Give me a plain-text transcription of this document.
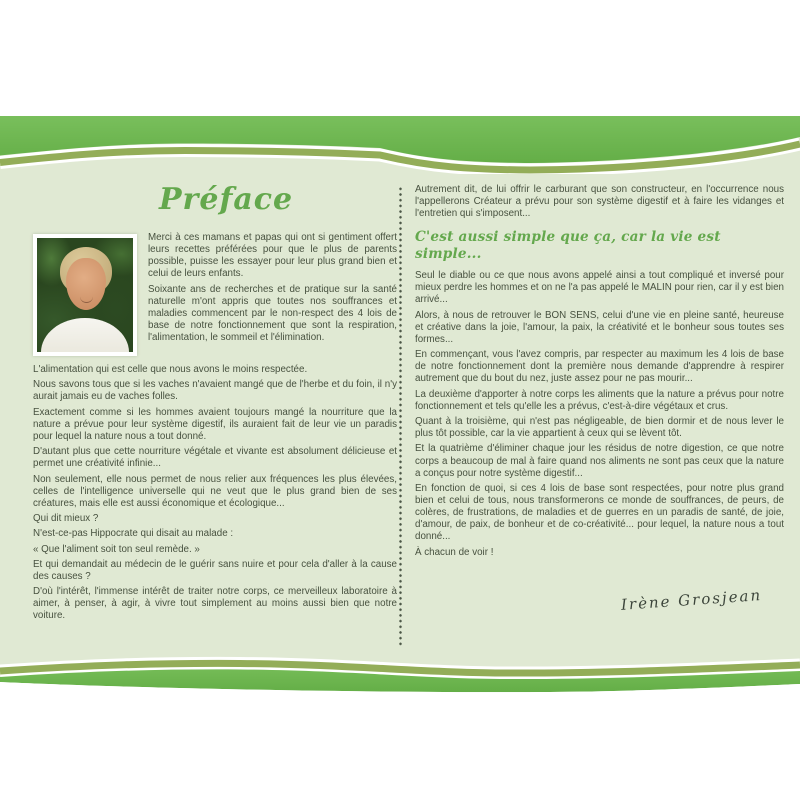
Préface

Merci à ces mamans et papas qui ont si gentiment offert leurs recettes préférées pour que le plus de parents possible, puisse les essayer pour leur plus grand bien et celui de leurs enfants.

Soixante ans de recherches et de pratique sur la santé naturelle m'ont appris que toutes nos souffrances et maladies commencent par le non-respect des 4 lois de base de notre fonctionnement que sont la respiration, l'alimentation, le sommeil et l'élimination.

L'alimentation qui est celle que nous avons le moins respectée.

Nous savons tous que si les vaches n'avaient mangé que de l'herbe et du foin, il n'y aurait jamais eu de vaches folles.

Exactement comme si les hommes avaient toujours mangé la nourriture que la nature a prévue pour leur système digestif, ils auraient fait de leur vie un paradis pour lequel la nature nous a tout donné.

D'autant plus que cette nourriture végétale et vivante est absolument délicieuse et permet une créativité infinie...

Non seulement, elle nous permet de nous relier aux fréquences les plus élevées, celles de l'intelligence universelle qui ne veut que le plus grand bien de ses créatures, mais elle est aussi économique et écologique...

Qui dit mieux ?

N'est-ce-pas Hippocrate qui disait au malade :

« Que l'aliment soit ton seul remède. »

Et qui demandait au médecin de le guérir sans nuire et pour cela d'aller à la cause des causes ?

D'où l'intérêt, l'immense intérêt de traiter notre corps, ce merveilleux laboratoire à aimer, à penser, à agir, à vivre tout simplement au moins aussi bien que notre voiture.

Autrement dit, de lui offrir le carburant que son constructeur, en l'occurrence nous l'appellerons Créateur a prévu pour son système digestif et à faire les vidanges et l'entretien qui s'imposent...

C'est aussi simple que ça, car la vie est simple...

Seul le diable ou ce que nous avons appelé ainsi a tout compliqué et inversé pour mieux perdre les hommes et on ne l'a pas appelé le MALIN pour rien, car il y est bien arrivé...

Alors, à nous de retrouver le BON SENS, celui d'une vie en pleine santé, heureuse et créative dans la joie, l'amour, la paix, la créativité et le bonheur sous toutes ses formes...

En commençant, vous l'avez compris, par respecter au maximum les 4 lois de base de notre fonctionnement dont la première nous demande d'apprendre à respirer autrement que du bout du nez, juste assez pour ne pas mourir...

La deuxième d'apporter à notre corps les aliments que la nature a prévus pour notre fonctionnement et tels qu'elle les a prévus, c'est-à-dire végétaux et crus.

Quant à la troisième, qui n'est pas négligeable, de bien dormir et de nous lever le plus tôt possible, car la vie appartient à ceux qui se lèvent tôt.

Et la quatrième d'éliminer chaque jour les résidus de notre digestion, ce que notre corps a beaucoup de mal à faire quand nos aliments ne sont pas ceux que la nature a conçus pour notre système digestif...

En fonction de quoi, si ces 4 lois de base sont respectées, pour notre plus grand bien et celui de tous, nous transformerons ce monde de souffrances, de peurs, de colères, de frustrations, de maladies et de guerres en un paradis de santé, de joie, d'amour, de paix, de bonheur et de co-créativité... pour lequel, la nature nous a tout donné...

À chacun de voir !

Irène Grosjean
